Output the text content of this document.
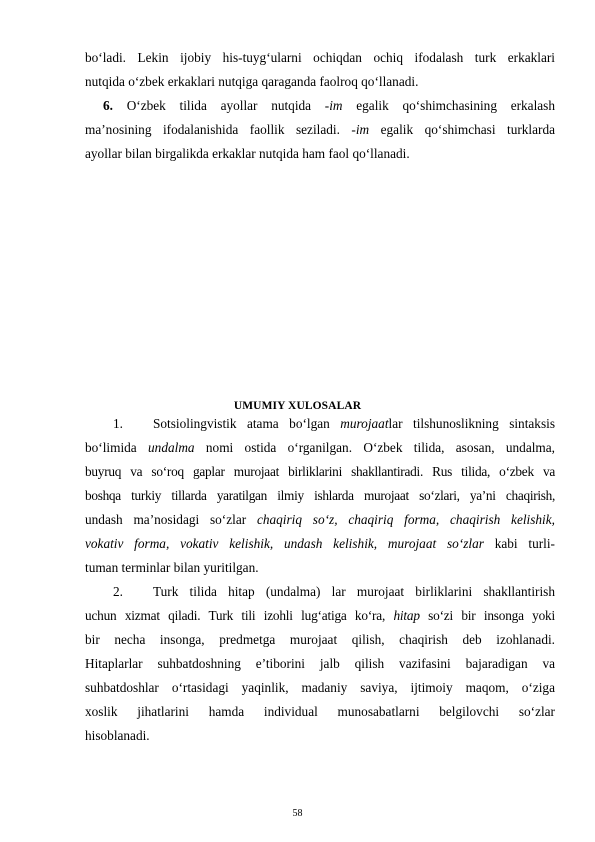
bo‘ladi. Lekin ijobiy his-tuyg‘ularni ochiqdan ochiq ifodalash turk erkaklari

nutqida o‘zbek erkaklari nutqiga qaraganda faolroq qo‘llanadi.

6. O‘zbek tilida ayollar nutqida -im egalik qo‘shimchasining erkalash

ma’nosining ifodalanishida faollik seziladi. -im egalik qo‘shimchasi turklarda

ayollar bilan birgalikda erkaklar nutqida ham faol qo‘llanadi.

UMUMIY XULOSALAR

1. Sotsiolingvistik atama bo‘lgan murojaatlar tilshunoslikning sintaksis

bo‘limida undalma nomi ostida o‘rganilgan. O‘zbek tilida, asosan, undalma,

buyruq va so‘roq gaplar murojaat birliklarini shakllantiradi. Rus tilida, o‘zbek va

boshqa turkiy tillarda yaratilgan ilmiy ishlarda murojaat so‘zlari, ya’ni chaqirish,

undash ma’nosidagi so‘zlar chaqiriq so‘z, chaqiriq forma, chaqirish kelishik,

vokativ forma, vokativ kelishik, undash kelishik, murojaat so‘zlar kabi turli-

tuman terminlar bilan yuritilgan.

2. Turk tilida hitap (undalma) lar murojaat birliklarini shakllantirish

uchun xizmat qiladi. Turk tili izohli lug‘atiga ko‘ra, hitap so‘zi bir insonga yoki

bir necha insonga, predmetga murojaat qilish, chaqirish deb izohlanadi.

Hitaplarlar suhbatdoshning e’tiborini jalb qilish vazifasini bajaradigan va

suhbatdoshlar o‘rtasidagi yaqinlik, madaniy saviya, ijtimoiy maqom, o‘ziga

xoslik jihatlarini hamda individual munosabatlarni belgilovchi so‘zlar

hisoblanadi.

58
